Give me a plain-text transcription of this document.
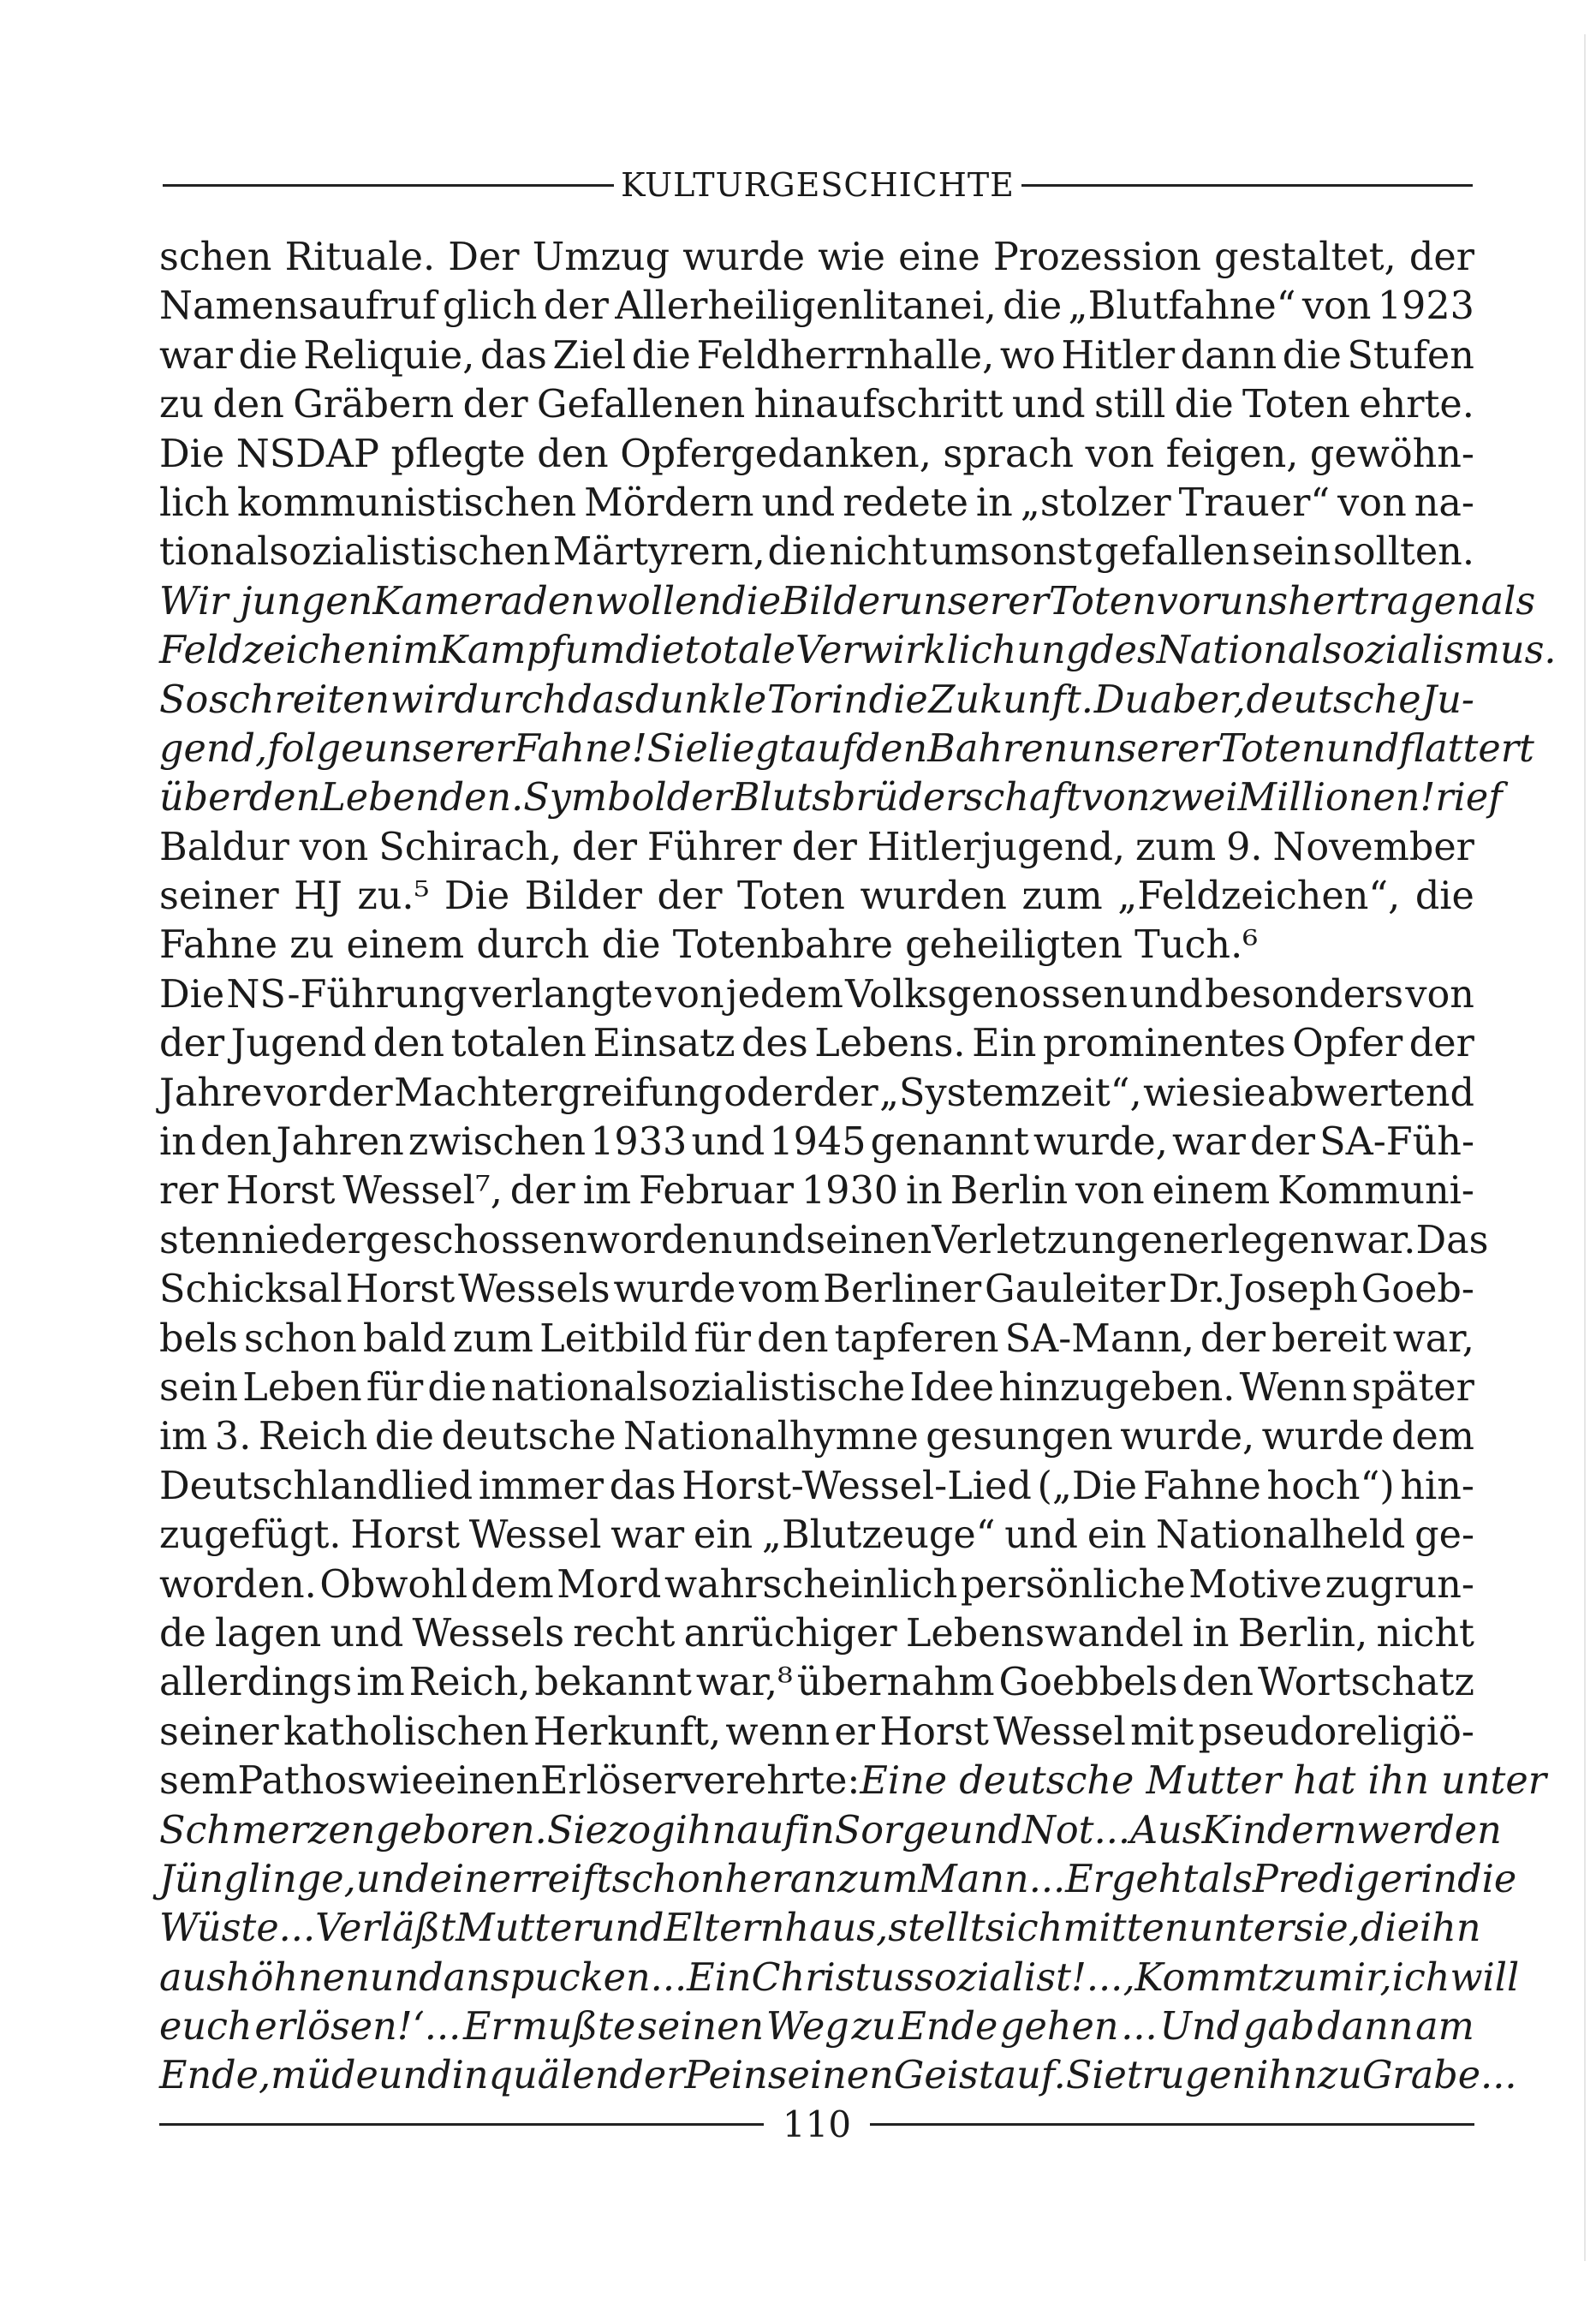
KULTURGESCHICHTE
schen Rituale. Der Umzug wurde wie eine Prozession gestaltet, der
Namensaufruf glich der Allerheiligenlitanei, die „Blutfahne“ von 1923
war die Reliquie, das Ziel die Feldherrnhalle, wo Hitler dann die Stufen
zu den Gräbern der Gefallenen hinaufschritt und still die Toten ehrte.
Die NSDAP pflegte den Opfergedanken, sprach von feigen, gewöhn-
lich kommunistischen Mördern und redete in „stolzer Trauer“ von na-
tionalsozialistischen Märtyrern, die nicht umsonst gefallen sein sollten.
Wir jungen Kameraden wollen die Bilder unserer Toten vor uns hertragen als
Feldzeichen im Kampf um die totale Verwirklichung des Nationalsozialismus.
So schreiten wir durch das dunkle Tor in die Zukunft. Du aber, deutsche Ju-
gend, folge unserer Fahne! Sie liegt auf den Bahren unserer Toten und flattert
über den Lebenden. Symbol der Blutsbrüderschaft von zwei Millionen! rief
Baldur von Schirach, der Führer der Hitlerjugend, zum 9. November
seiner HJ zu.⁵ Die Bilder der Toten wurden zum „Feldzeichen“, die
Fahne zu einem durch die Totenbahre geheiligten Tuch.⁶
Die NS-Führung verlangte von jedem Volksgenossen und besonders von
der Jugend den totalen Einsatz des Lebens. Ein prominentes Opfer der
Jahre vor der Machtergreifung oder der „Systemzeit“, wie sie abwertend
in den Jahren zwischen 1933 und 1945 genannt wurde, war der SA-Füh-
rer Horst Wessel⁷, der im Februar 1930 in Berlin von einem Kommuni-
sten niedergeschossen worden und seinen Verletzungen erlegen war. Das
Schicksal Horst Wessels wurde vom Berliner Gauleiter Dr. Joseph Goeb-
bels schon bald zum Leitbild für den tapferen SA-Mann, der bereit war,
sein Leben für die nationalsozialistische Idee hinzugeben. Wenn später
im 3. Reich die deutsche Nationalhymne gesungen wurde, wurde dem
Deutschlandlied immer das Horst-Wessel-Lied („Die Fahne hoch“) hin-
zugefügt. Horst Wessel war ein „Blutzeuge“ und ein Nationalheld ge-
worden. Obwohl dem Mord wahrscheinlich persönliche Motive zugrun-
de lagen und Wessels recht anrüchiger Lebenswandel in Berlin, nicht
allerdings im Reich, bekannt war,⁸ übernahm Goebbels den Wortschatz
seiner katholischen Herkunft, wenn er Horst Wessel mit pseudoreligiö-
sem Pathos wie einen Erlöser verehrte: Eine deutsche Mutter hat ihn unter
Schmerzen geboren. Sie zog ihn auf in Sorge und Not ... Aus Kindern werden
Jünglinge, und einer reift schon heran zum Mann ... Er geht als Prediger in die
Wüste ... Verläßt Mutter und Elternhaus, stellt sich mitten unter sie, die ihn
aushöhnen und anspucken ... Ein Christussozialist! ... ‚Kommt zu mir, ich will
euch erlösen!‘... Er mußte seinen Weg zu Ende gehen ... Und gab dann am
Ende, müde und in quälender Pein seinen Geist auf. Sie trugen ihn zu Grabe ...
110
